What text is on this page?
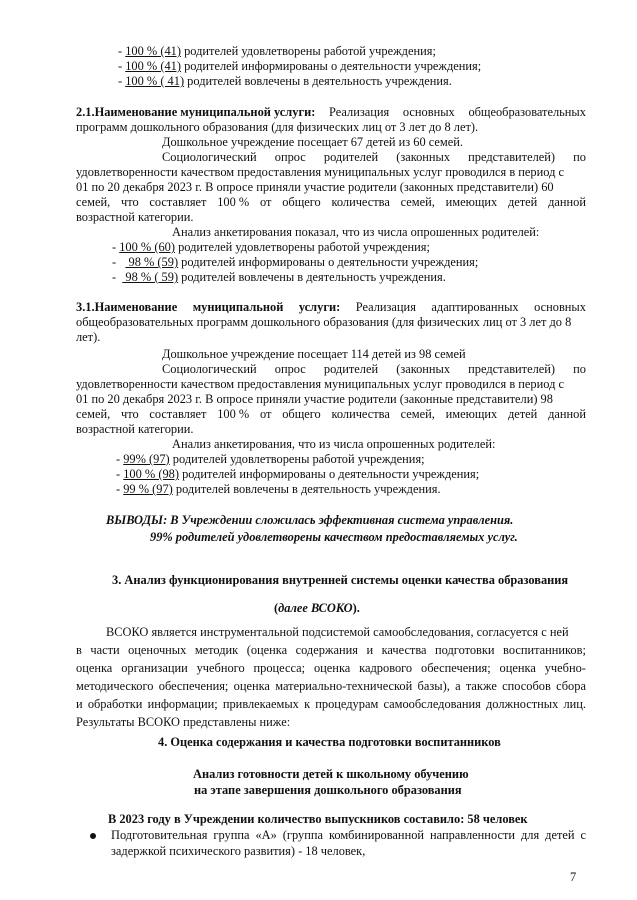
- 100 % (41) родителей удовлетворены работой учреждения;
- 100 % (41) родителей информированы о деятельности учреждения;
- 100 % ( 41) родителей вовлечены в деятельность учреждения.
2.1.Наименование муниципальной услуги: Реализация основных общеобразовательных
программ дошкольного образования (для физических лиц от 3 лет до 8 лет).
Дошкольное учреждение посещает 67 детей из 60 семей.
Социологический опрос родителей (законных представителей) по
удовлетворенности качеством предоставления муниципальных услуг проводился в период с
01 по 20 декабря 2023 г. В опросе приняли участие родители (законных представители) 60
семей, что составляет 100 % от общего количества семей, имеющих детей данной
возрастной категории.
Анализ анкетирования показал, что из числа опрошенных родителей:
- 100 % (60) родителей удовлетворены работой учреждения;
-    98 % (59) родителей информированы о деятельности учреждения;
-   98 % ( 59) родителей вовлечены в деятельность учреждения.
3.1.Наименование муниципальной услуги: Реализация адаптированных основных
общеобразовательных программ дошкольного образования (для физических лиц от 3 лет до 8
лет).
Дошкольное учреждение посещает 114 детей из 98 семей
Социологический опрос родителей (законных представителей) по
удовлетворенности качеством предоставления муниципальных услуг проводился в период с
01 по 20 декабря 2023 г. В опросе приняли участие родители (законные представители) 98
семей, что составляет 100 % от общего количества семей, имеющих детей данной
возрастной категории.
Анализ анкетирования, что из числа опрошенных родителей:
- 99% (97) родителей удовлетворены работой учреждения;
- 100 % (98) родителей информированы о деятельности учреждения;
- 99 % (97) родителей вовлечены в деятельность учреждения.
ВЫВОДЫ: В Учреждении сложилась эффективная система управления.
99% родителей удовлетворены качеством предоставляемых услуг.
3. Анализ функционирования внутренней системы оценки качества образования
(далее ВСОКО).
ВСОКО является инструментальной подсистемой самообследования, согласуется с ней
в части оценочных методик (оценка содержания и качества подготовки воспитанников;
оценка организации учебного процесса; оценка кадрового обеспечения; оценка учебно-
методического обеспечения; оценка материально-технической базы), а также способов сбора
и обработки информации; привлекаемых к процедурам самообследования должностных лиц.
Результаты ВСОКО представлены ниже:
4. Оценка содержания и качества подготовки воспитанников
Анализ готовности детей к школьному обучению
на этапе завершения дошкольного образования
В 2023 году в Учреждении количество выпускников составило: 58 человек
Подготовительная группа «А» (группа комбинированной направленности для детей с
задержкой психического развития) - 18 человек,
7
